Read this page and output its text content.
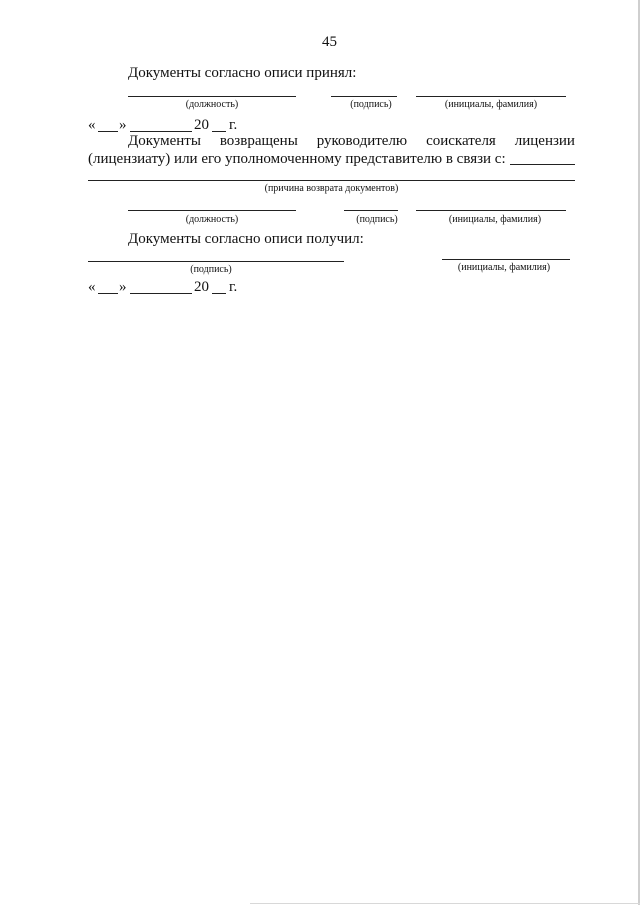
45
Документы согласно описи принял:
(должность)	(подпись)	(инициалы, фамилия)
« »	20 г.
Документы возвращены руководителю соискателя лицензии
(лицензиату) или его уполномоченному представителю в связи с:
(причина возврата документов)
(должность)	(подпись)	(инициалы, фамилия)
Документы согласно описи получил:
(подпись)	(инициалы, фамилия)
« »	20 г.
